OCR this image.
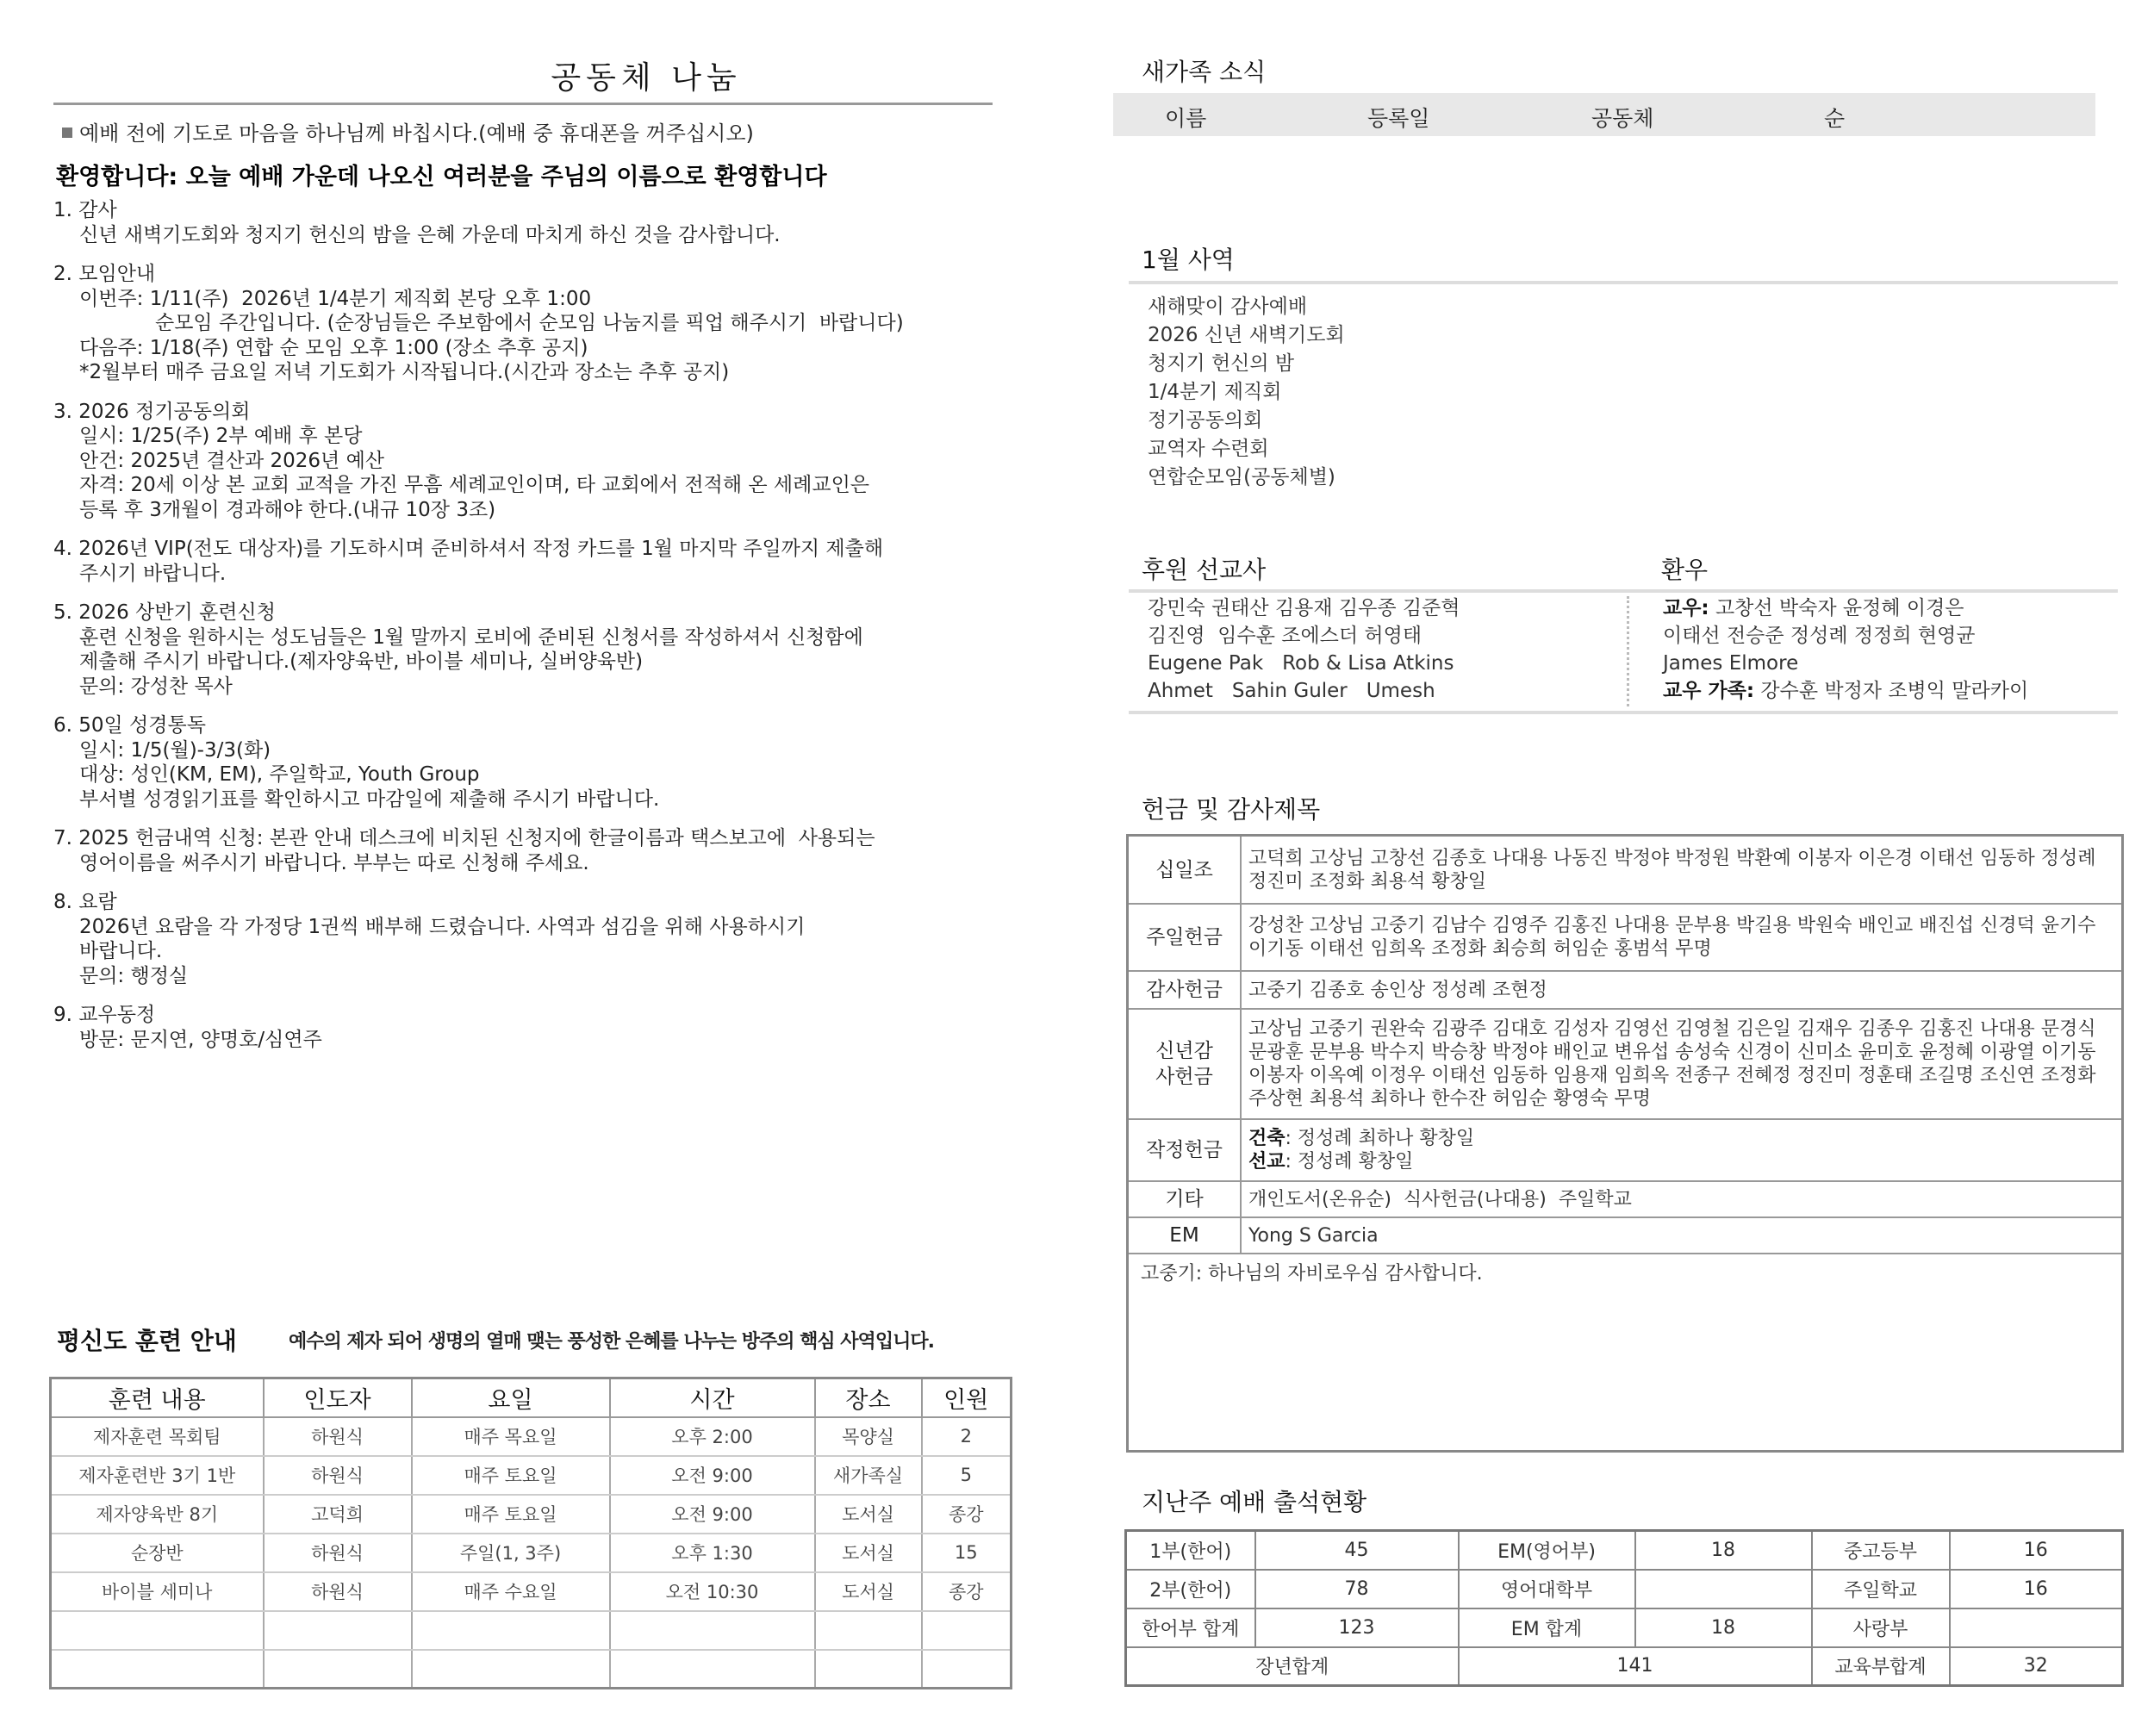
공동체 나눔
예배 전에 기도로 마음을 하나님께 바칩시다.(예배 중 휴대폰을 꺼주십시오)
환영합니다: 오늘 예배 가운데 나오신 여러분을 주님의 이름으로 환영합니다
1. 감사
신년 새벽기도회와 청지기 헌신의 밤을 은혜 가운데 마치게 하신 것을 감사합니다.
2. 모임안내
이번주: 1/11(주)  2026년 1/4분기 제직회 본당 오후 1:00
순모임 주간입니다. (순장님들은 주보함에서 순모임 나눔지를 픽업 해주시기  바랍니다)
다음주: 1/18(주) 연합 순 모임 오후 1:00 (장소 추후 공지)
*2월부터 매주 금요일 저녁 기도회가 시작됩니다.(시간과 장소는 추후 공지)
3. 2026 정기공동의회
일시: 1/25(주) 2부 예배 후 본당
안건: 2025년 결산과 2026년 예산
자격: 20세 이상 본 교회 교적을 가진 무흠 세례교인이며, 타 교회에서 전적해 온 세례교인은
등록 후 3개월이 경과해야 한다.(내규 10장 3조)
4. 2026년 VIP(전도 대상자)를 기도하시며 준비하셔서 작정 카드를 1월 마지막 주일까지 제출해
주시기 바랍니다.
5. 2026 상반기 훈련신청
훈련 신청을 원하시는 성도님들은 1월 말까지 로비에 준비된 신청서를 작성하셔서 신청함에
제출해 주시기 바랍니다.(제자양육반, 바이블 세미나, 실버양육반)
문의: 강성찬 목사
6. 50일 성경통독
일시: 1/5(월)-3/3(화)
대상: 성인(KM, EM), 주일학교, Youth Group
부서별 성경읽기표를 확인하시고 마감일에 제출해 주시기 바랍니다.
7. 2025 헌금내역 신청: 본관 안내 데스크에 비치된 신청지에 한글이름과 택스보고에  사용되는
영어이름을 써주시기 바랍니다. 부부는 따로 신청해 주세요.
8. 요람
2026년 요람을 각 가정당 1권씩 배부해 드렸습니다. 사역과 섬김을 위해 사용하시기
바랍니다.
문의: 행정실
9. 교우동정
방문: 문지연, 양명호/심연주
평신도 훈련 안내	예수의 제자 되어 생명의 열매 맺는 풍성한 은혜를 나누는 방주의 핵심 사역입니다.
훈련 내용	인도자	요일	시간	장소	인원
제자훈련 목회팀	하원식	매주 목요일	오후 2:00	목양실	2
제자훈련반 3기 1반	하원식	매주 토요일	오전 9:00	새가족실	5
제자양육반 8기	고덕희	매주 토요일	오전 9:00	도서실	종강
순장반	하원식	주일(1, 3주)	오후 1:30	도서실	15
바이블 세미나	하원식	매주 수요일	오전 10:30	도서실	종강

새가족 소식
이름	등록일	공동체	순
1월 사역
새해맞이 감사예배
2026 신년 새벽기도회
청지기 헌신의 밤
1/4분기 제직회
정기공동의회
교역자 수련회
연합순모임(공동체별)
후원 선교사	환우
강민숙 권태산 김용재 김우종 김준혁
김진영  임수훈 조에스더 허영태
Eugene Pak   Rob & Lisa Atkins
Ahmet   Sahin Guler   Umesh
교우: 고창선 박숙자 윤정혜 이경은
이태선 전승준 정성례 정정희 현영균
James Elmore
교우 가족: 강수훈 박정자 조병익 말라카이
헌금 및 감사제목
십일조	고덕희 고상님 고창선 김종호 나대용 나동진 박정야 박정원 박환예 이봉자 이은경 이태선 임동하 정성례 정진미 조정화 최용석 황창일
주일헌금	강성찬 고상님 고중기 김남수 김영주 김홍진 나대용 문부용 박길용 박원숙 배인교 배진섭 신경덕 윤기수 이기동 이태선 임희옥 조정화 최승희 허임순 홍범석 무명
감사헌금	고중기 김종호 송인상 정성례 조현정
신년감사헌금	고상님 고중기 권완숙 김광주 김대호 김성자 김영선 김영철 김은일 김재우 김종우 김홍진 나대용 문경식 문광훈 문부용 박수지 박승창 박정야 배인교 변유섭 송성숙 신경이 신미소 윤미호 윤정혜 이광열 이기동 이봉자 이옥예 이정우 이태선 임동하 임용재 임희옥 전종구 전혜정 정진미 정훈태 조길명 조신연 조정화 주상현 최용석 최하나 한수잔 허임순 황영숙 무명
작정헌금	건축: 정성례 최하나 황창일
선교: 정성례 황창일

기타	개인도서(온유순)  식사헌금(나대용)  주일학교
EM	Yong S Garcia
고중기: 하나님의 자비로우심 감사합니다.
지난주 예배 출석현황
1부(한어)	45	EM(영어부)	18	중고등부	16
2부(한어)	78	영어대학부		주일학교	16
한어부 합계	123	EM 합계	18	사랑부	
장년합계		141		교육부합계	32
